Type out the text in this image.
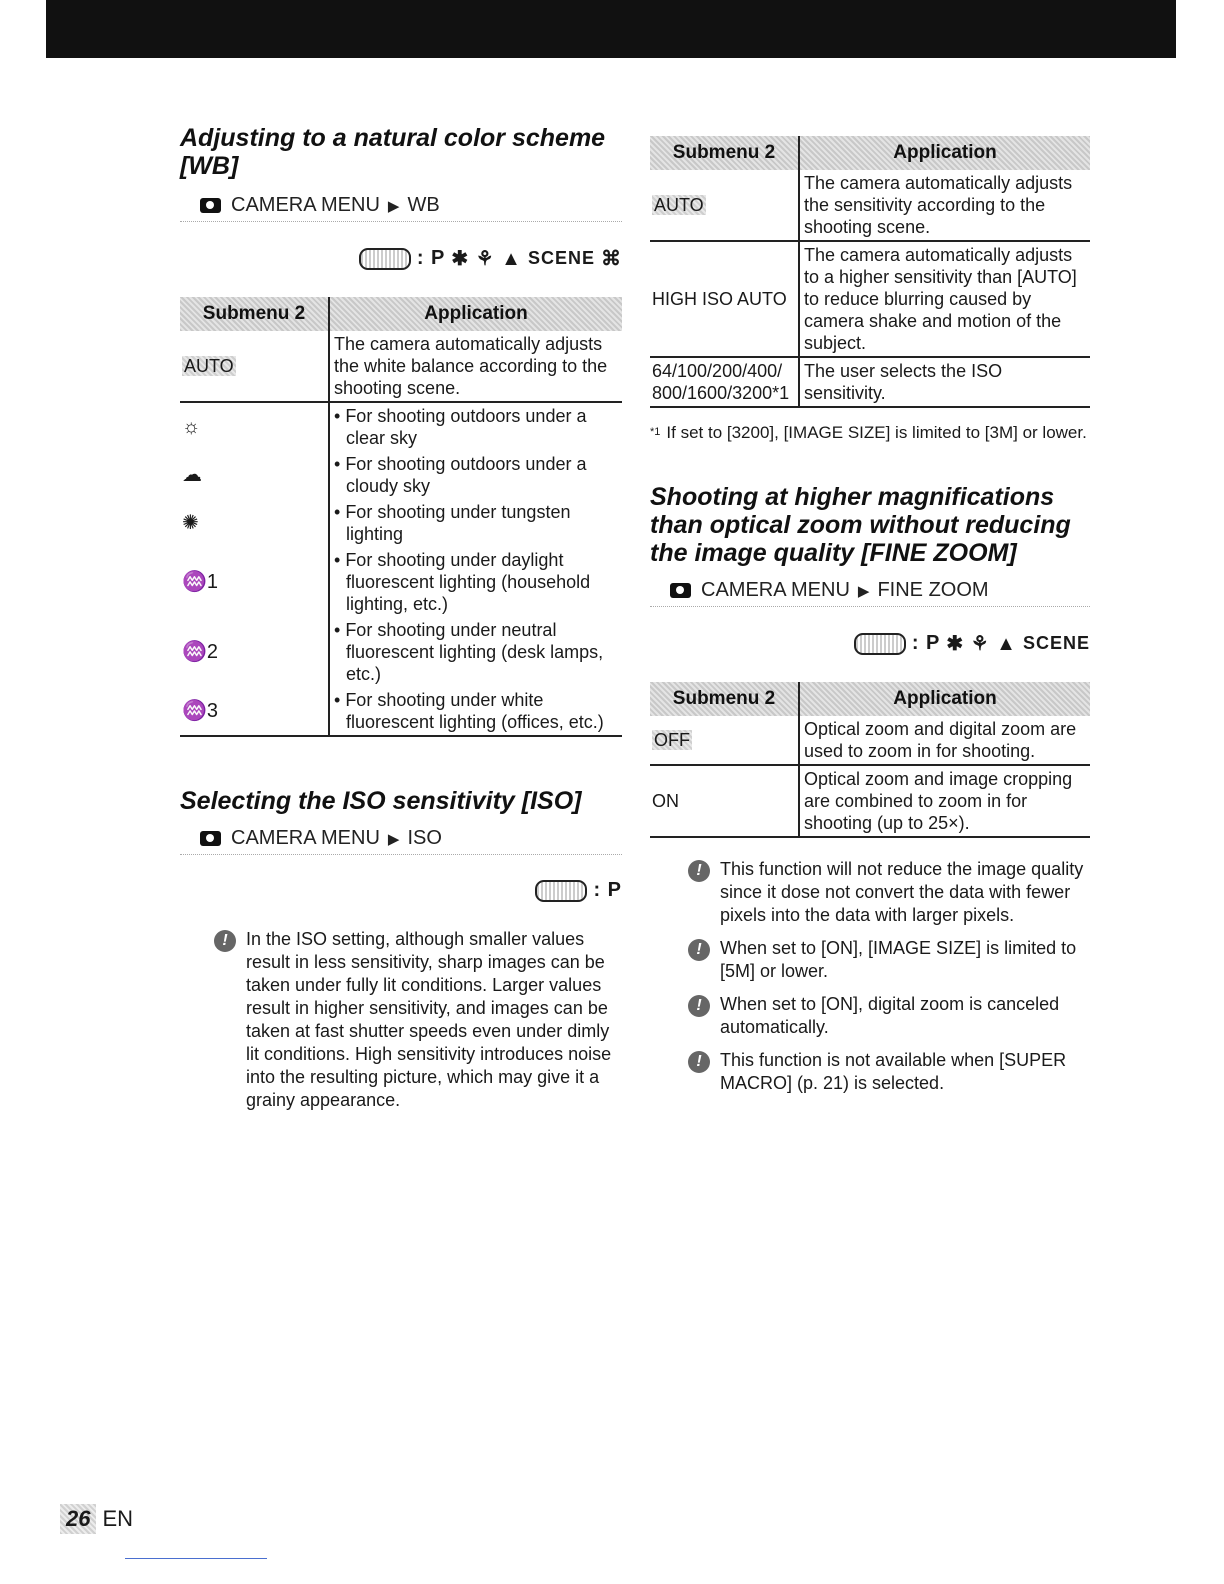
Adjusting to a natural color scheme [WB]
CAMERA MENU ▶ WB
: P ✱ ⚘ ▲ SCENE ⌘
Submenu 2	Application
AUTO	The camera automatically adjusts the white balance according to the shooting scene.
☼	• For shooting outdoors under a clear sky
☁	• For shooting outdoors under a cloudy sky
✺	• For shooting under tungsten lighting
♒1	• For shooting under daylight fluorescent lighting (household lighting, etc.)
♒2	• For shooting under neutral fluorescent lighting (desk lamps, etc.)
♒3	• For shooting under white fluorescent lighting (offices, etc.)
Selecting the ISO sensitivity [ISO]
CAMERA MENU ▶ ISO
: P
!	In the ISO setting, although smaller values result in less sensitivity, sharp images can be taken under fully lit conditions. Larger values result in higher sensitivity, and images can be taken at fast shutter speeds even under dimly lit conditions. High sensitivity introduces noise into the resulting picture, which may give it a grainy appearance.
Submenu 2	Application
AUTO	The camera automatically adjusts the sensitivity according to the shooting scene.
HIGH ISO AUTO	The camera automatically adjusts to a higher sensitivity than [AUTO] to reduce blurring caused by camera shake and motion of the subject.
64/100/200/400/ 800/1600/3200*1	The user selects the ISO sensitivity.
*1 If set to [3200], [IMAGE SIZE] is limited to [3M] or lower.
Shooting at higher magnifications than optical zoom without reducing the image quality [FINE ZOOM]
CAMERA MENU ▶ FINE ZOOM
: P ✱ ⚘ ▲ SCENE
Submenu 2	Application
OFF	Optical zoom and digital zoom are used to zoom in for shooting.
ON	Optical zoom and image cropping are combined to zoom in for shooting (up to 25×).
!	This function will not reduce the image quality since it dose not convert the data with fewer pixels into the data with larger pixels.
!	When set to [ON], [IMAGE SIZE] is limited to [5M] or lower.
!	When set to [ON], digital zoom is canceled automatically.
!	This function is not available when [SUPER MACRO] (p. 21) is selected.
26 EN
